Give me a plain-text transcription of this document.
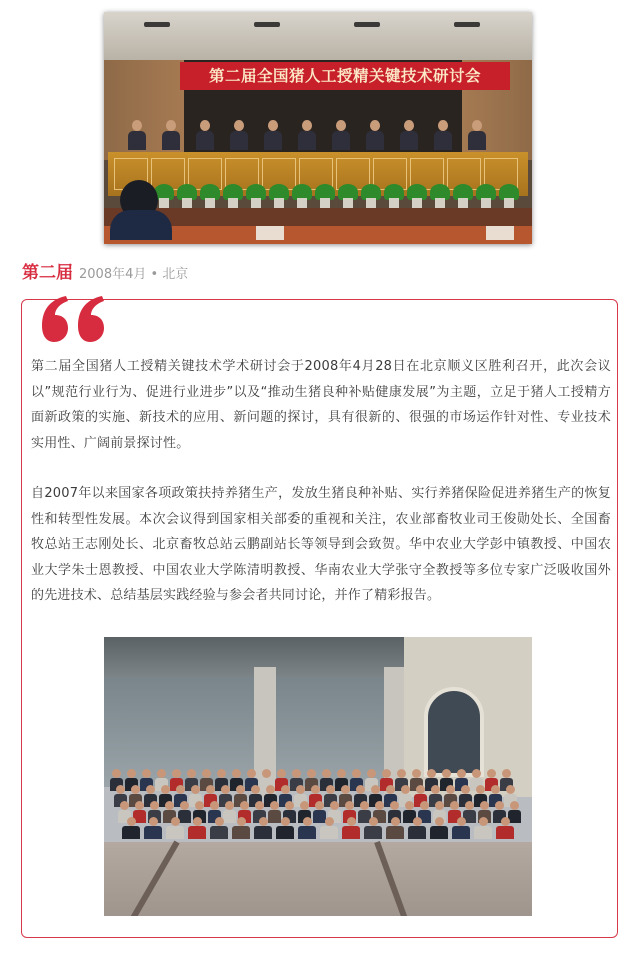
第二届全国猪人工授精关键技术研讨会
第二届 2008年4月 • 北京

第二届全国猪人工授精关键技术学术研讨会于2008年4月28日在北京顺义区胜利召开，此次会议以”规范行业行为、促进行业进步”以及“推动生猪良种补贴健康发展”为主题，立足于猪人工授精方面新政策的实施、新技术的应用、新问题的探讨，具有很新的、很强的市场运作针对性、专业技术实用性、广阔前景探讨性。

自2007年以来国家各项政策扶持养猪生产，发放生猪良种补贴、实行养猪保险促进养猪生产的恢复性和转型性发展。本次会议得到国家相关部委的重视和关注，农业部畜牧业司王俊勋处长、全国畜牧总站王志刚处长、北京畜牧总站云鹏副站长等领导到会致贺。华中农业大学彭中镇教授、中国农业大学朱士恩教授、中国农业大学陈清明教授、华南农业大学张守全教授等多位专家广泛吸收国外的先进技术、总结基层实践经验与参会者共同讨论，并作了精彩报告。
